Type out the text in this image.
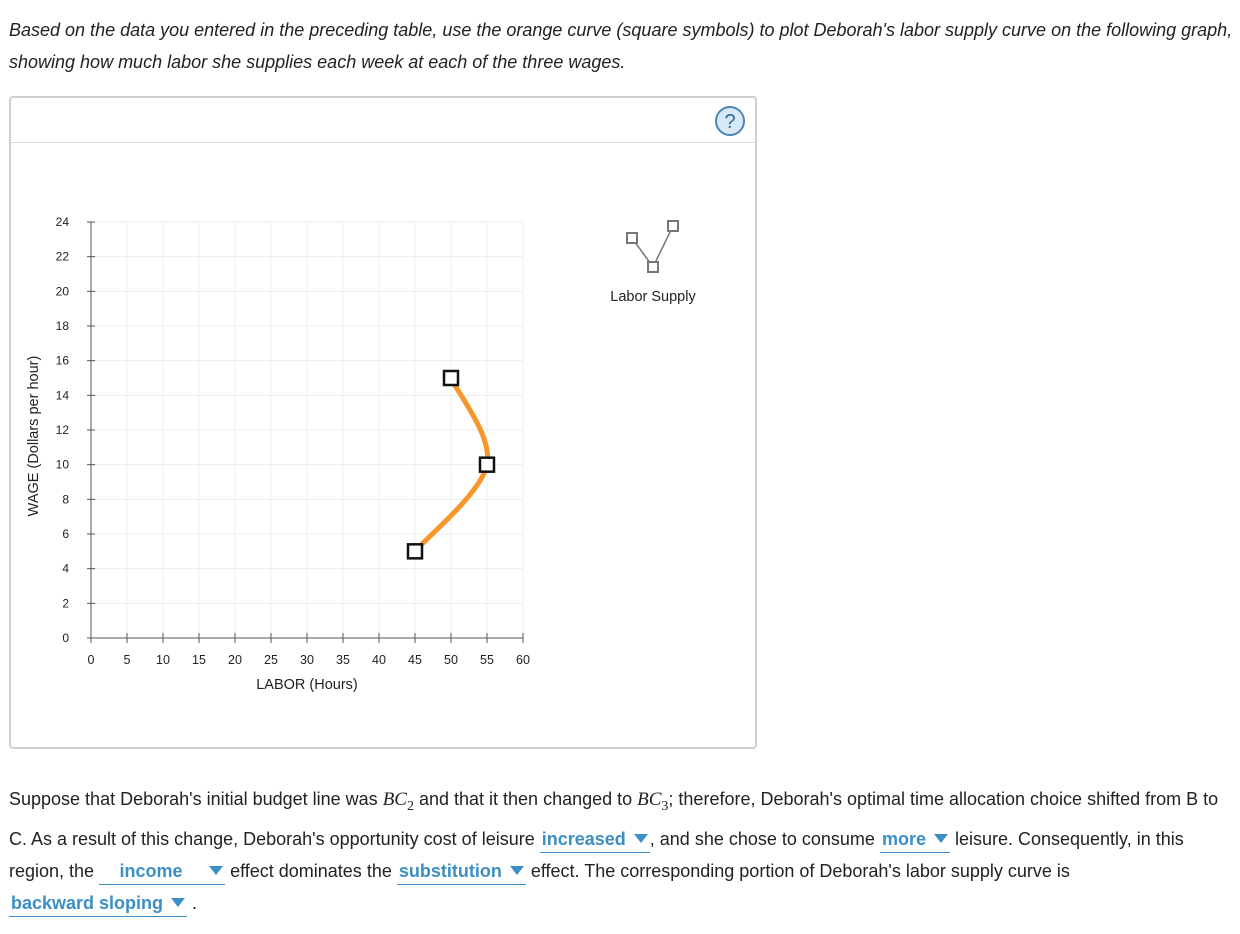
Based on the data you entered in the preceding table, use the orange curve (square symbols) to plot Deborah's labor supply curve on the following graph, showing how much labor she supplies each week at each of the three wages.

?
0
2
4
6
8
10
12
14
16
18
20
22
24
0 5 10 15 20 25 30 35 40 45 50 55 60
LABOR (Hours)
WAGE (Dollars per hour)
Labor Supply

Suppose that Deborah's initial budget line was $BC_2$ and that it then changed to $BC_3$; therefore, Deborah's optimal time allocation choice shifted from B to C. As a result of this change, Deborah's opportunity cost of leisure increased , and she chose to consume more leisure. Consequently, in this region, the income effect dominates the substitution effect. The corresponding portion of Deborah's labor supply curve is backward sloping .
